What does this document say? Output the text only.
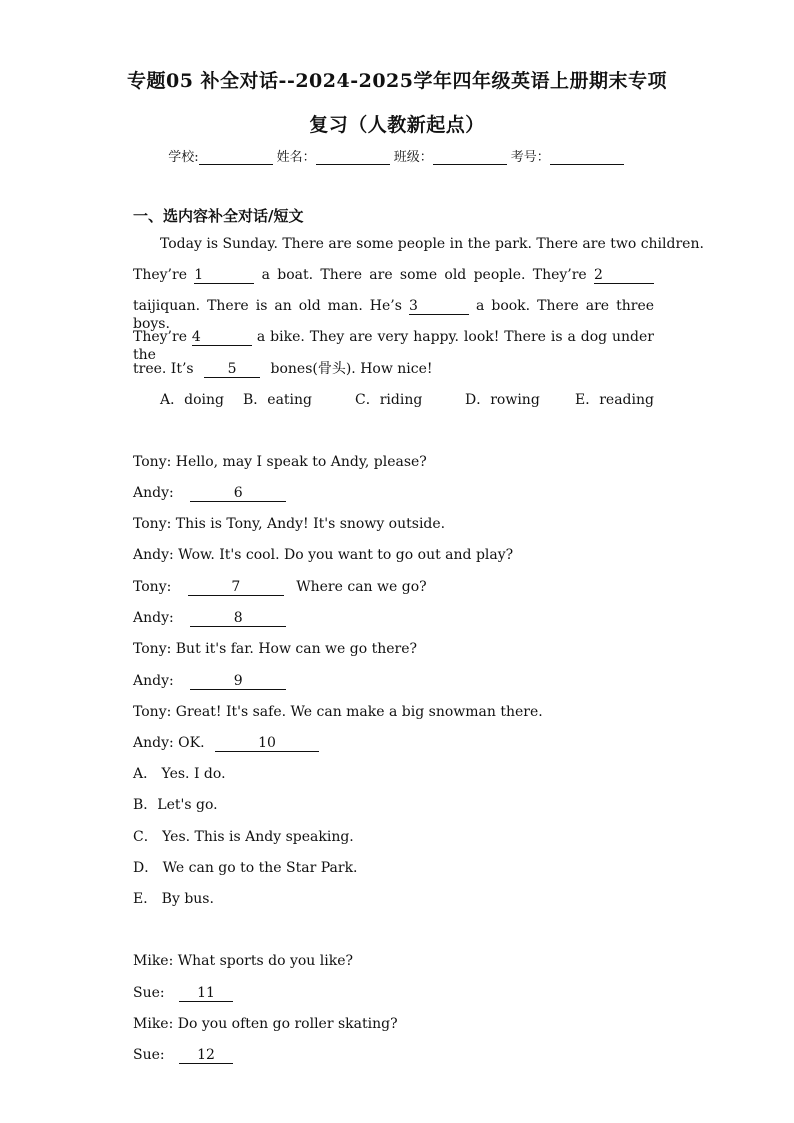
专题05 补全对话--2024-2025学年四年级英语上册期末专项
复习（人教新起点）
学校:	姓名：	班级：	考号：
一、选内容补全对话/短文
Today is Sunday. There are some people in the park. There are two children.
They’re 1	a boat. There are some old people. They’re 2
taijiquan. There is an old man. He’s 3	a book. There are three boys.
They’re 4	a bike. They are very happy. look! There is a dog under the
tree. It’s 5 bones(骨头). How nice!
A．doing B．eating	C．riding	D．rowing	E．reading
Tony: Hello, may I speak to Andy, please?
Andy:	6
Tony: This is Tony, Andy! It's snowy outside.
Andy: Wow. It's cool. Do you want to go out and play?
Tony:	7	Where can we go?
Andy:	8
Tony: But it's far. How can we go there?
Andy:	9
Tony: Great! It's safe. We can make a big snowman there.
Andy: OK.	10
A． Yes. I do.
B．Let's go.
C． Yes. This is Andy speaking.
D． We can go to the Star Park.
E． By bus.
Mike: What sports do you like?
Sue: 11
Mike: Do you often go roller skating?
Sue: 12
